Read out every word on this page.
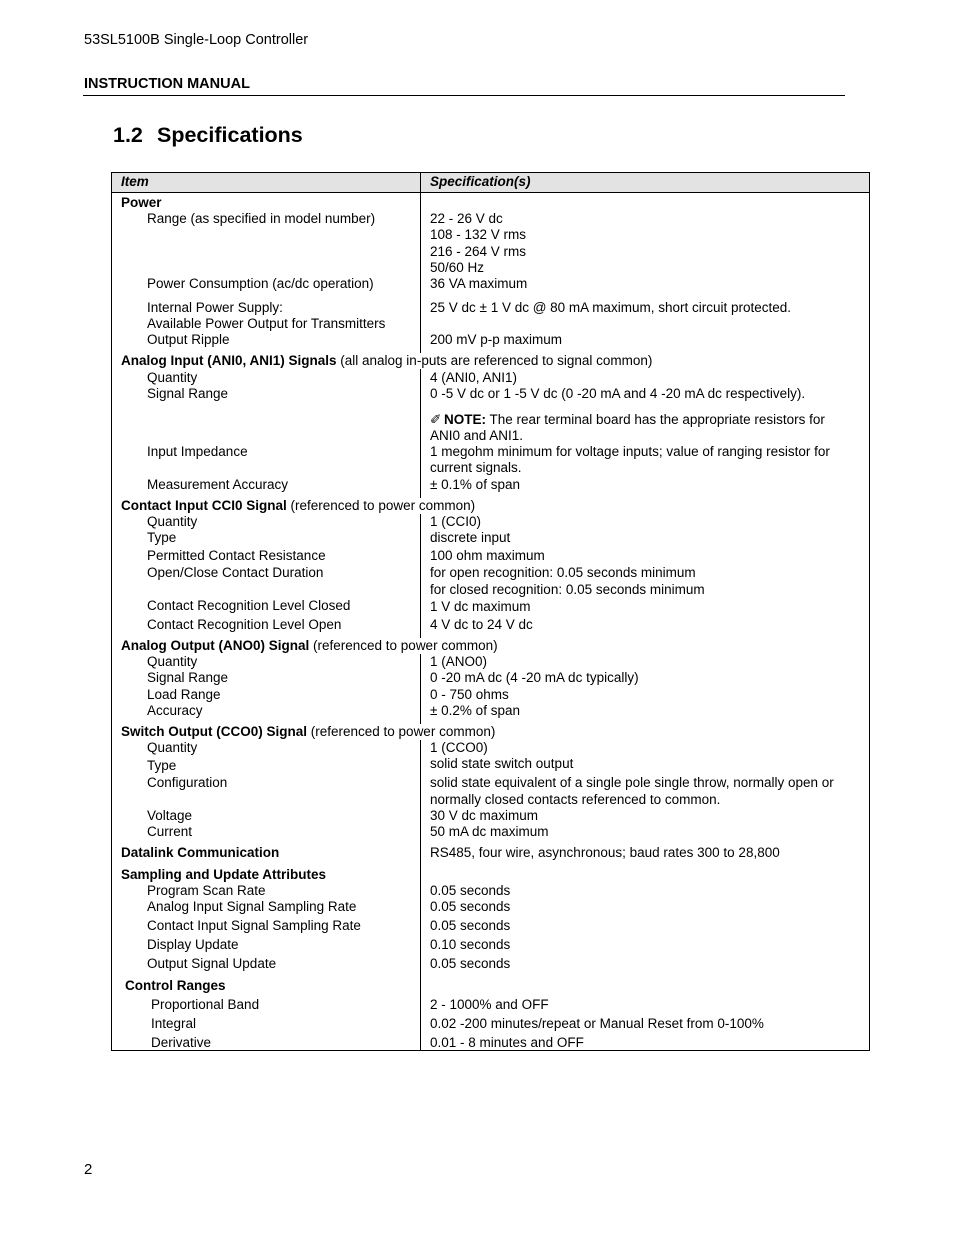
53SL5100B Single-Loop Controller
INSTRUCTION MANUAL
1.2 Specifications
Item	Specification(s)
Power
Range (as specified in model number)	22 - 26 V dc
108 - 132 V rms
216 - 264 V rms
50/60 Hz
Power Consumption (ac/dc operation)	36 VA maximum
Internal Power Supply:	25 V dc ± 1 V dc @ 80 mA maximum, short circuit protected.
Available Power Output for Transmitters
Output Ripple	200 mV p-p maximum
Analog Input (ANI0, ANI1) Signals (all analog in-puts are referenced to signal common)
Quantity	4 (ANI0, ANI1)
Signal Range	0 -5 V dc or 1 -5 V dc (0 -20 mA and 4 -20 mA dc respectively).
✐ NOTE: The rear terminal board has the appropriate resistors for
ANI0 and ANI1.
Input Impedance	1 megohm minimum for voltage inputs; value of ranging resistor for
current signals.
Measurement Accuracy	± 0.1% of span
Contact Input CCI0 Signal (referenced to power common)
Quantity	1 (CCI0)
Type	discrete input
Permitted Contact Resistance	100 ohm maximum
Open/Close Contact Duration	for open recognition: 0.05 seconds minimum
for closed recognition: 0.05 seconds minimum
Contact Recognition Level Closed	1 V dc maximum
Contact Recognition Level Open	4 V dc to 24 V dc
Analog Output (ANO0) Signal (referenced to power common)
Quantity	1 (ANO0)
Signal Range	0 -20 mA dc (4 -20 mA dc typically)
Load Range	0 - 750 ohms
Accuracy	± 0.2% of span
Switch Output (CCO0) Signal (referenced to power common)
Quantity	1 (CCO0)
Type	solid state switch output
Configuration	solid state equivalent of a single pole single throw, normally open or
normally closed contacts referenced to common.
Voltage	30 V dc maximum
Current	50 mA dc maximum
Datalink Communication	RS485, four wire, asynchronous; baud rates 300 to 28,800
Sampling and Update Attributes
Program Scan Rate	0.05 seconds
Analog Input Signal Sampling Rate	0.05 seconds
Contact Input Signal Sampling Rate	0.05 seconds
Display Update	0.10 seconds
Output Signal Update	0.05 seconds
Control Ranges
Proportional Band	2 - 1000% and OFF
Integral	0.02 -200 minutes/repeat or Manual Reset from 0-100%
Derivative	0.01 - 8 minutes and OFF
2
